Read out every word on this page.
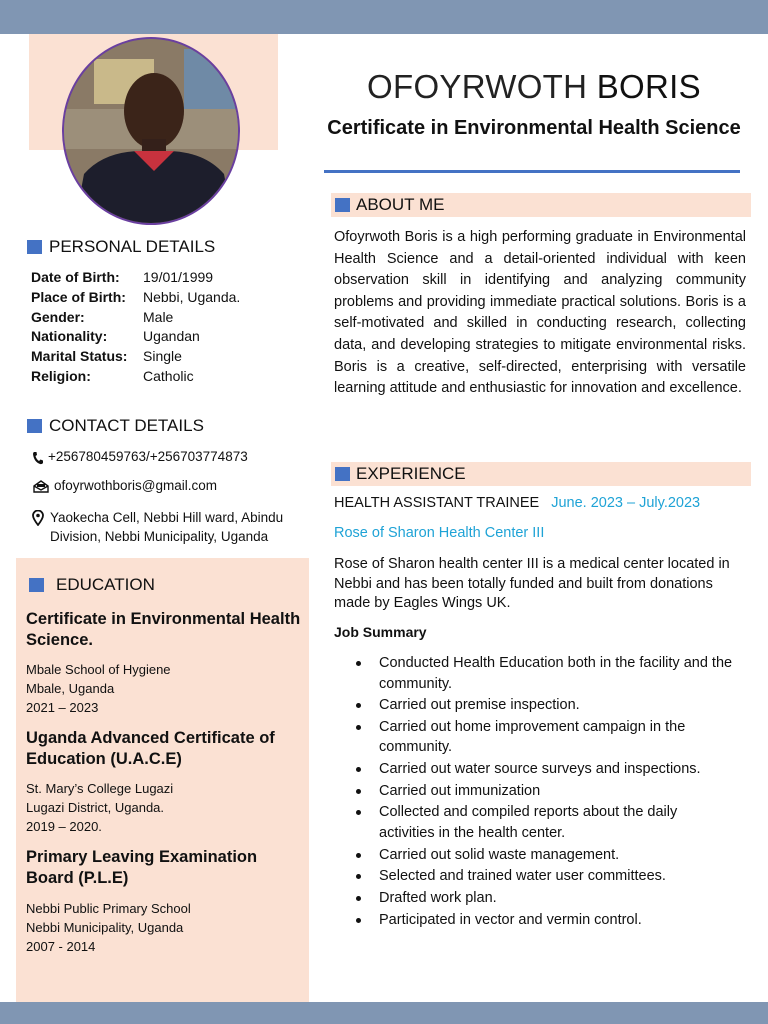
PERSONAL DETAILS
Date of Birth:	19/01/1999
Place of Birth:	Nebbi, Uganda.
Gender:	Male
Nationality:	Ugandan
Marital Status:	Single
Religion:	Catholic
CONTACT DETAILS
+256780459763/+256703774873
ofoyrwothboris@gmail.com
Yaokecha Cell, Nebbi Hill ward, Abindu Division, Nebbi Municipality, Uganda
EDUCATION
Certificate in Environmental Health Science.
Mbale School of Hygiene
Mbale, Uganda
2021 – 2023
Uganda Advanced Certificate of Education (U.A.C.E)
St. Mary’s College Lugazi
Lugazi District, Uganda.
2019 – 2020.
Primary Leaving Examination Board (P.L.E)
Nebbi Public Primary School
Nebbi Municipality, Uganda
2007 - 2014
OFOYRWOTH BORIS
Certificate in Environmental Health Science
ABOUT ME
Ofoyrwoth Boris is a high performing graduate in Environmental Health Science and a detail-oriented individual with keen observation skill in identifying and analyzing community problems and providing immediate practical solutions. Boris is a self-motivated and skilled in conducting research, collecting data, and developing strategies to mitigate environmental risks. Boris is a creative, self-directed, enterprising with versatile learning attitude and enthusiastic for innovation and excellence.
EXPERIENCE
HEALTH ASSISTANT TRAINEE June. 2023 – July.2023
Rose of Sharon Health Center III
Rose of Sharon health center III is a medical center located in Nebbi and has been totally funded and built from donations made by Eagles Wings UK.
Job Summary
Conducted Health Education both in the facility and the community.
Carried out premise inspection.
Carried out home improvement campaign in the community.
Carried out water source surveys and inspections.
Carried out immunization
Collected and compiled reports about the daily activities in the health center.
Carried out solid waste management.
Selected and trained water user committees.
Drafted work plan.
Participated in vector and vermin control.
